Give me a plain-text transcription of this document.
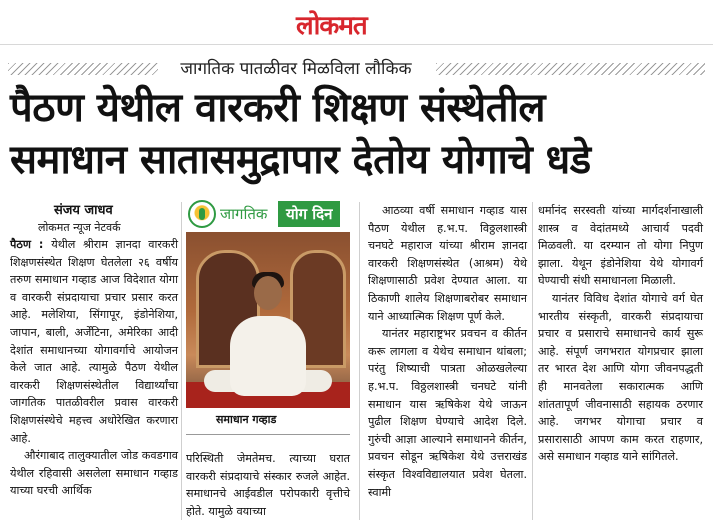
लोकमत
जागतिक पातळीवर मिळविला लौकिक
पैठण येथील वारकरी शिक्षण संस्थेतील
समाधान सातासमुद्रापार देतोय योगाचे धडे
संजय जाधव
लोकमत न्यूज नेटवर्क

पैठण : येथील श्रीराम ज्ञानदा वारकरी शिक्षणसंस्थेत शिक्षण घेतलेला २६ वर्षीय तरुण समाधान गव्हाड आज विदेशात योगा व वारकरी संप्रदायाचा प्रचार प्रसार करत आहे. मलेशिया, सिंगापूर, इंडोनेशिया, जापान, बाली, अर्जेंटिना, अमेरिका आदी देशांत समाधानच्या योगावर्गाचे आयोजन केले जात आहे. त्यामुळे पैठण येथील वारकरी शिक्षणसंस्थेतील विद्यार्थ्यांचा जागतिक पातळीवरील प्रवास वारकरी शिक्षणसंस्थेचे महत्त्व अधोरेखित करणारा आहे.

औरंगाबाद तालुक्यातील जोड कवडगाव येथील रहिवासी असलेला समाधान गव्हाड याच्या घरची आर्थिक

जागतिक	योग दिन
समाधान गव्हाड

परिस्थिती जेमतेमच. त्याच्या घरात वारकरी संप्रदायाचे संस्कार रुजले आहेत. समाधानचे आईवडील परोपकारी वृत्तीचे होते. यामुळे वयाच्या

आठव्या वर्षी समाधान गव्हाड यास पैठण येथील ह.भ.प. विठ्ठलशास्त्री चनघटे महाराज यांच्या श्रीराम ज्ञानदा वारकरी शिक्षणसंस्थेत (आश्रम) येथे शिक्षणासाठी प्रवेश देण्यात आला. या ठिकाणी शालेय शिक्षणाबरोबर समाधान याने आध्यात्मिक शिक्षण पूर्ण केले.

यानंतर महाराष्ट्रभर प्रवचन व कीर्तन करू लागला व येथेच समाधान थांबला; परंतु शिष्याची पात्रता ओळखलेल्या ह.भ.प. विठ्ठलशास्त्री चनघटे यांनी समाधान यास ऋषिकेश येथे जाऊन पुढील शिक्षण घेण्याचे आदेश दिले. गुरुंची आज्ञा आल्याने समाधानने कीर्तन, प्रवचन सोडून ऋषिकेश येथे उत्तराखंड संस्कृत विश्वविद्यालयात प्रवेश घेतला. स्वामी

धर्मानंद सरस्वती यांच्या मार्गदर्शनाखाली शास्त्र व वेदांतमध्ये आचार्य पदवी मिळवली. या दरम्यान तो योगा निपुण झाला. येथून इंडोनेशिया येथे योगावर्ग घेण्याची संधी समाधानला मिळाली.

यानंतर विविध देशांत योगाचे वर्ग घेत भारतीय संस्कृती, वारकरी संप्रदायाचा प्रचार व प्रसाराचे समाधानचे कार्य सुरू आहे. संपूर्ण जगभरात योगप्रचार झाला तर भारत देश आणि योगा जीवनपद्धती ही मानवतेला सकारात्मक आणि शांततापूर्ण जीवनासाठी सहायक ठरणार आहे. जगभर योगाचा प्रचार व प्रसारासाठी आपण काम करत राहणार, असे समाधान गव्हाड याने सांगितले.
